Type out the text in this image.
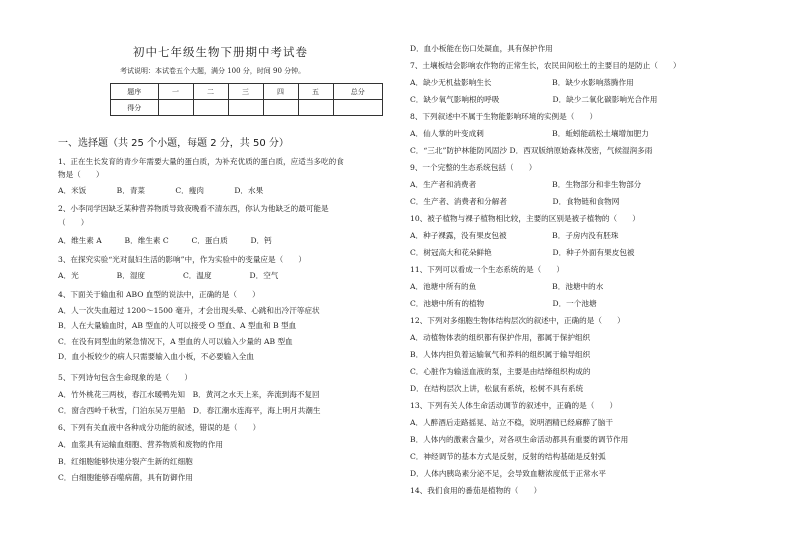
初中七年级生物下册期中考试卷
考试说明：本试卷五个大题，满分 100 分，时间 90 分钟。
题序	一	二	三	四	五	总分
得分						
一、选择题（共 25 个小题，每题 2 分，共 50 分）
1、正在生长发育的青少年需要大量的蛋白质，为补充优质的蛋白质，应适当多吃的食
物是（　　）
A．米饭　　　　B．青菜　　　　C．瘦肉　　　　D．水果
2、小李同学因缺乏某种营养物质导致夜晚看不清东西，你认为他缺乏的最可能是
（　　）
A．维生素 A　　　B．维生素 C　　　C．蛋白质　　　D．钙
3、在探究实验“光对鼠妇生活的影响”中，作为实验中的变量应是（　　）
A．光　　　　　B．湿度　　　　　C．温度　　　　　D．空气
4、下面关于输血和 ABO 血型的说法中，正确的是（　　）
A．人一次失血超过 1200～1500 毫升，才会出现头晕、心跳和出冷汗等症状
B．人在大量输血时，AB 型血的人可以接受 O 型血、A 型血和 B 型血
C．在没有同型血的紧急情况下，A 型血的人可以输入少量的 AB 型血
D．血小板较少的病人只需要输入血小板，不必要输入全血
5、下列诗句包含生命现象的是（　　）
A．竹外桃花三两枝，春江水暖鸭先知　B．黄河之水天上来，奔流到海不复回
C．窗含西岭千秋雪，门泊东吴万里船　D．春江潮水连海平，海上明月共潮生
6、下列有关血液中各种成分功能的叙述，错误的是（　　）
A．血浆具有运输血细胞、营养物质和废物的作用
B．红细胞能够快速分裂产生新的红细胞
C．白细胞能够吞噬病菌，具有防御作用
D．血小板能在伤口处凝血，具有保护作用
7、土壤板结会影响农作物的正常生长，农民田间松土的主要目的是防止（　　）
A．缺少无机盐影响生长　　　　　　　　B．缺少水影响蒸腾作用
C．缺少氧气影响根的呼吸　　　　　　　D．缺少二氧化碳影响光合作用
8、下列叙述中不属于生物能影响环境的实例是（　　）
A．仙人掌的叶变成刺　　　　　　　　　B．蚯蚓能疏松土壤增加肥力
C．“三北”防护林能防风固沙 D．西双版纳原始森林茂密，气候湿润多雨
9、一个完整的生态系统包括（　　）
A．生产者和消费者　　　　　　　　　　B．生物部分和非生物部分
C．生产者、消费者和分解者　　　　　　D．食物链和食物网
10、被子植物与裸子植物相比较，主要的区别是被子植物的（　　）
A．种子裸露，没有果皮包被　　　　　　B．子房内没有胚珠
C．树冠高大和花朵鲜艳　　　　　　　　D．种子外面有果皮包被
11、下列可以看成一个生态系统的是（　　）
A．池塘中所有的鱼　　　　　　　　　　B．池塘中的水
C．池塘中所有的植物　　　　　　　　　D．一个池塘
12、下列对多细胞生物体结构层次的叙述中，正确的是（　　）
A．动植物体表的组织都有保护作用，都属于保护组织
B．人体内担负着运输氧气和养料的组织属于输导组织
C．心脏作为输送血液的泵，主要是由结缔组织构成的
D．在结构层次上讲，松鼠有系统，松树不具有系统
13、下列有关人体生命活动调节的叙述中，正确的是（　　）
A．人醉酒后走路摇晃、站立不稳，说明酒精已经麻醉了脑干
B．人体内的激素含量少，对各项生命活动都具有重要的调节作用
C．神经调节的基本方式是反射，反射的结构基础是反射弧
D．人体内胰岛素分泌不足，会导致血糖浓度低于正常水平
14、我们食用的番茄是植物的（　　）
